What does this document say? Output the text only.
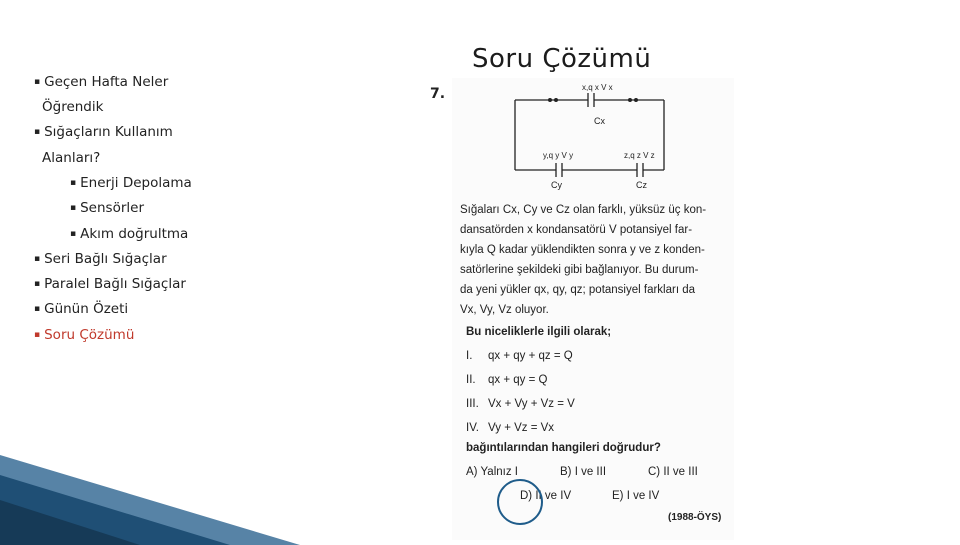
Soru Çözümü
▪ Geçen Hafta Neler
Öğrendik
▪ Sığaçların Kullanım
Alanları?
▪ Enerji Depolama
▪ Sensörler
▪ Akım doğrultma
▪ Seri Bağlı Sığaçlar
▪ Paralel Bağlı Sığaçlar
▪ Günün Özeti
▪ Soru Çözümü
7.	x,q x V x
Cx
y,q y V y	z,q z V z
Cy	Cz
Sığaları Cx, Cy ve Cz olan farklı, yüksüz üç kon-
dansatörden x kondansatörü V potansiyel far-
kıyla Q kadar yüklendikten sonra y ve z konden-
satörlerine şekildeki gibi bağlanıyor. Bu durum-
da yeni yükler qx, qy, qz; potansiyel farkları da
Vx, Vy, Vz oluyor.
Bu niceliklerle ilgili olarak;
I. qx + qy + qz = Q
II. qx + qy = Q
III. Vx + Vy + Vz = V
IV. Vy + Vz = Vx
bağıntılarından hangileri doğrudur?
A) Yalnız I	B) I ve III	C) II ve III
D) II ve IV	E) I ve IV
(1988-ÖYS)
